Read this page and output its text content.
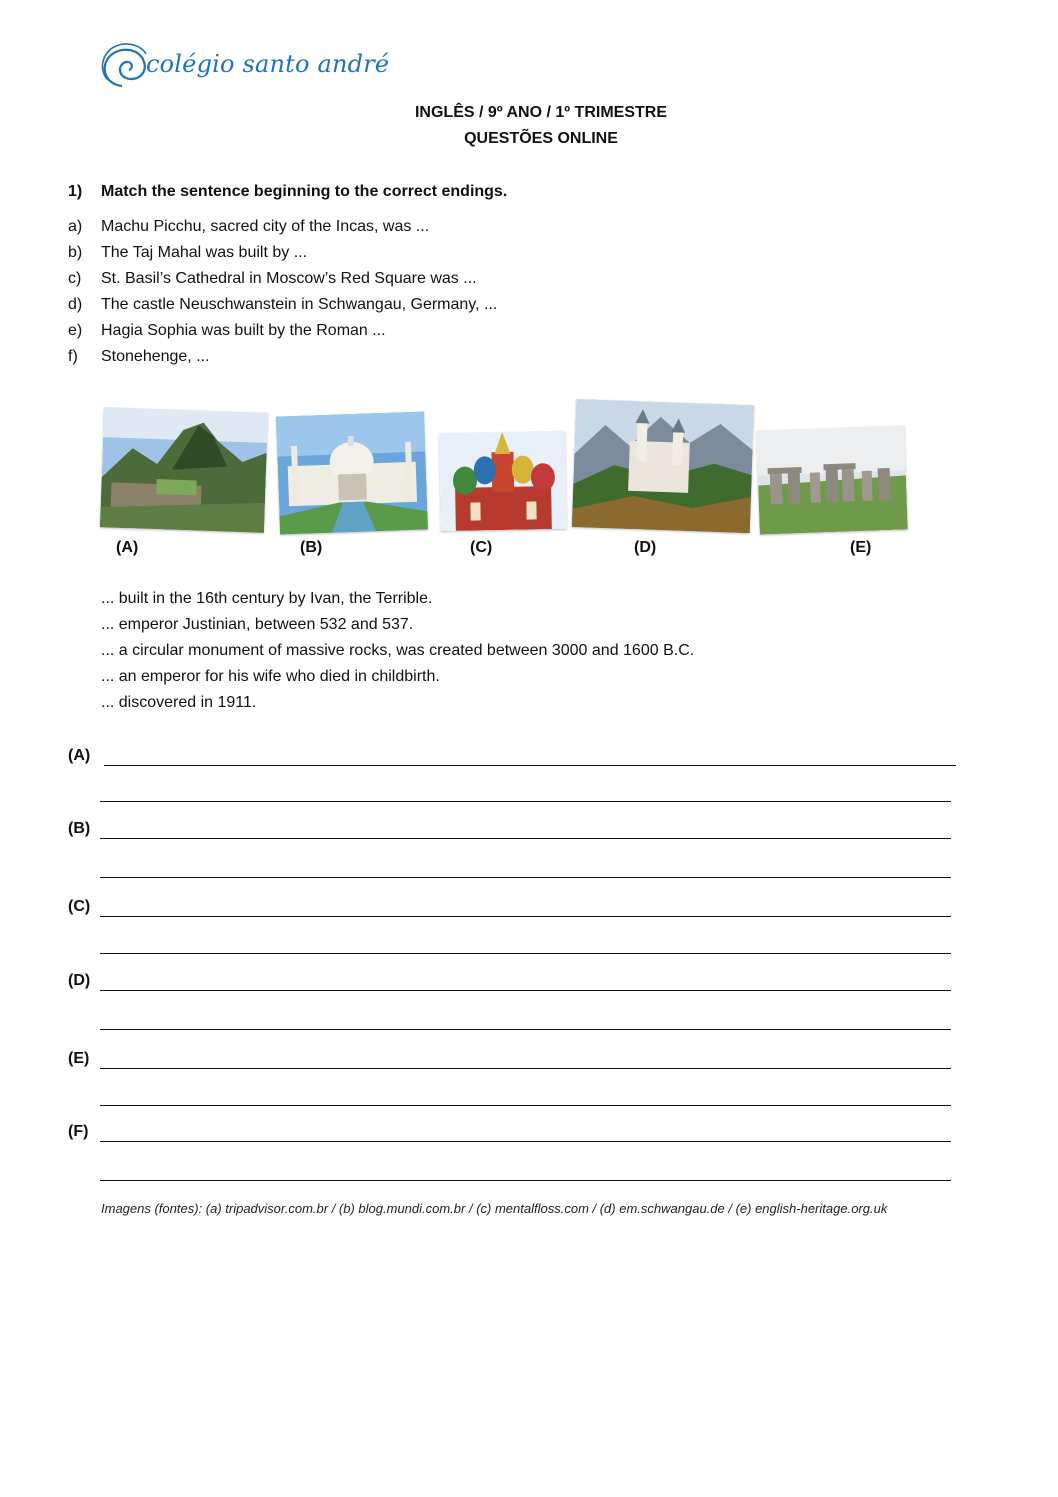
colégio santo andré
INGLÊS / 9º ANO / 1º TRIMESTRE
QUESTÕES ONLINE
1) Match the sentence beginning to the correct endings.
a) Machu Picchu, sacred city of the Incas, was ...
b) The Taj Mahal was built by ...
c) St. Basil’s Cathedral in Moscow’s Red Square was ...
d) The castle Neuschwanstein in Schwangau, Germany, ...
e) Hagia Sophia was built by the Roman ...
f) Stonehenge, ...
(A)	(B)	(C)	(D)	(E)
... built in the 16th century by Ivan, the Terrible.
... emperor Justinian, between 532 and 537.
... a circular monument of massive rocks, was created between 3000 and 1600 B.C.
... an emperor for his wife who died in childbirth.
... discovered in 1911.
(A)
(B)
(C)
(D)
(E)
(F)
Imagens (fontes): (a) tripadvisor.com.br / (b) blog.mundi.com.br / (c) mentalfloss.com / (d) em.schwangau.de / (e) english-heritage.org.uk
